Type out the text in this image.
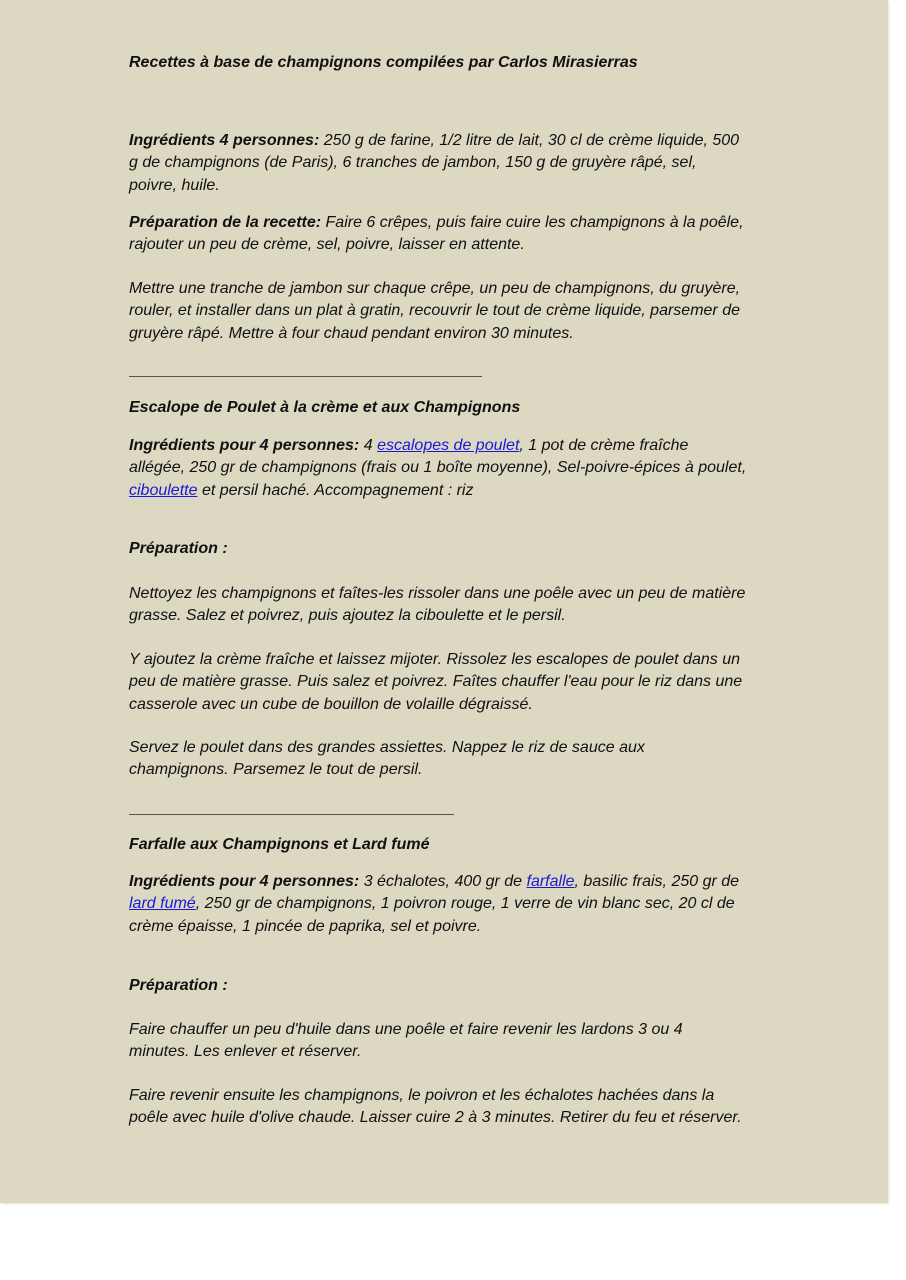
Recettes à base de champignons compilées par Carlos Mirasierras
Ingrédients 4 personnes: 250 g de farine, 1/2 litre de lait, 30 cl de crème liquide, 500
g de champignons (de Paris), 6 tranches de jambon, 150 g de gruyère râpé, sel,
poivre, huile.
Préparation de la recette: Faire 6 crêpes, puis faire cuire les champignons à la poêle,
rajouter un peu de crème, sel, poivre, laisser en attente.
Mettre une tranche de jambon sur chaque crêpe, un peu de champignons, du gruyère,
rouler, et installer dans un plat à gratin, recouvrir le tout de crème liquide, parsemer de
gruyère râpé. Mettre à four chaud pendant environ 30 minutes.
Escalope de Poulet à la crème et aux Champignons
Ingrédients pour 4 personnes: 4 escalopes de poulet, 1 pot de crème fraîche
allégée, 250 gr de champignons (frais ou 1 boîte moyenne), Sel-poivre-épices à poulet,
ciboulette et persil haché. Accompagnement : riz
Préparation :
Nettoyez les champignons et faîtes-les rissoler dans une poêle avec un peu de matière
grasse. Salez et poivrez, puis ajoutez la ciboulette et le persil.
Y ajoutez la crème fraîche et laissez mijoter. Rissolez les escalopes de poulet dans un
peu de matière grasse. Puis salez et poivrez. Faîtes chauffer l'eau pour le riz dans une
casserole avec un cube de bouillon de volaille dégraissé.
Servez le poulet dans des grandes assiettes. Nappez le riz de sauce aux
champignons. Parsemez le tout de persil.
Farfalle aux Champignons et Lard fumé
Ingrédients pour 4 personnes: 3 échalotes, 400 gr de farfalle, basilic frais, 250 gr de
lard fumé, 250 gr de champignons, 1 poivron rouge, 1 verre de vin blanc sec, 20 cl de
crème épaisse, 1 pincée de paprika, sel et poivre.
Préparation :
Faire chauffer un peu d'huile dans une poêle et faire revenir les lardons 3 ou 4
minutes. Les enlever et réserver.
Faire revenir ensuite les champignons, le poivron et les échalotes hachées dans la
poêle avec huile d'olive chaude. Laisser cuire 2 à 3 minutes. Retirer du feu et réserver.
